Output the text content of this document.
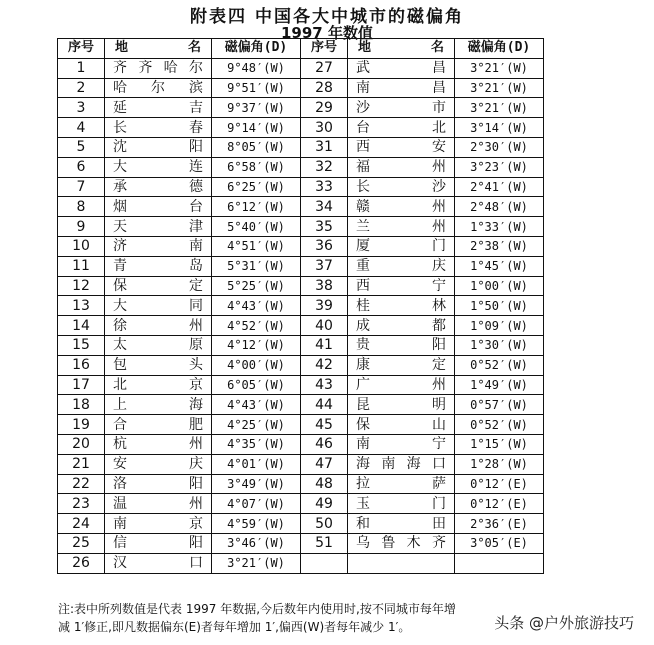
附表四 中国各大中城市的磁偏角
1997 年数值
序号	地 名	磁偏角(D)	序号	地 名	磁偏角(D)
1	齐 齐 哈 尔	9°48′(W)	27	武 昌	3°21′(W)
2	哈 尔 滨	9°51′(W)	28	南 昌	3°21′(W)
3	延 吉	9°37′(W)	29	沙 市	3°21′(W)
4	长 春	9°14′(W)	30	台 北	3°14′(W)
5	沈 阳	8°05′(W)	31	西 安	2°30′(W)
6	大 连	6°58′(W)	32	福 州	3°23′(W)
7	承 德	6°25′(W)	33	长 沙	2°41′(W)
8	烟 台	6°12′(W)	34	赣 州	2°48′(W)
9	天 津	5°40′(W)	35	兰 州	1°33′(W)
10	济 南	4°51′(W)	36	厦 门	2°38′(W)
11	青 岛	5°31′(W)	37	重 庆	1°45′(W)
12	保 定	5°25′(W)	38	西 宁	1°00′(W)
13	大 同	4°43′(W)	39	桂 林	1°50′(W)
14	徐 州	4°52′(W)	40	成 都	1°09′(W)
15	太 原	4°12′(W)	41	贵 阳	1°30′(W)
16	包 头	4°00′(W)	42	康 定	0°52′(W)
17	北 京	6°05′(W)	43	广 州	1°49′(W)
18	上 海	4°43′(W)	44	昆 明	0°57′(W)
19	合 肥	4°25′(W)	45	保 山	0°52′(W)
20	杭 州	4°35′(W)	46	南 宁	1°15′(W)
21	安 庆	4°01′(W)	47	海 南 海 口	1°28′(W)
22	洛 阳	3°49′(W)	48	拉 萨	0°12′(E)
23	温 州	4°07′(W)	49	玉 门	0°12′(E)
24	南 京	4°59′(W)	50	和 田	2°36′(E)
25	信 阳	3°46′(W)	51	乌 鲁 木 齐	3°05′(E)
26	汉 口	3°21′(W)		

注:表中所列数值是代表 1997 年数据,今后数年内使用时,按不同城市每年增
减 1′修正,即凡数据偏东(E)者每年增加 1′,偏西(W)者每年减少 1′。	头条 @户外旅游技巧
